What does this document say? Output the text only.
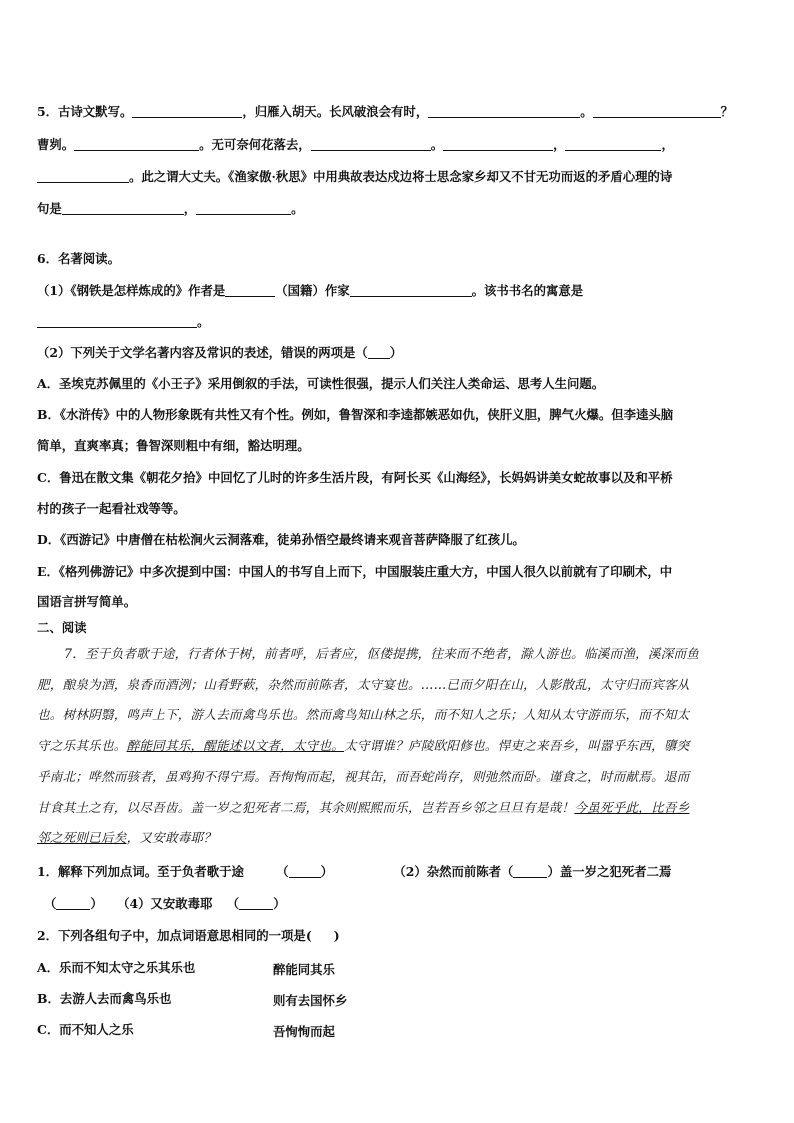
5．古诗文默写。	，归雁入胡天。长风破浪会有时，	。	？
曹刿。	。无可奈何花落去，	。	，	，
。此之谓大丈夫。《渔家傲·秋思》中用典故表达戍边将士思念家乡却又不甘无功而返的矛盾心理的诗
句是	，	。
6．名著阅读。
（1）《钢铁是怎样炼成的》作者是	（国籍）作家	。该书书名的寓意是
。
（2）下列关于文学名著内容及常识的表述，错误的两项是（ ）
A．圣埃克苏佩里的《小王子》采用倒叙的手法，可读性很强，提示人们关注人类命运、思考人生问题。
B．《水浒传》中的人物形象既有共性又有个性。例如，鲁智深和李逵都嫉恶如仇，侠肝义胆，脾气火爆。但李逵头脑
简单，直爽率真；鲁智深则粗中有细，豁达明理。
C．鲁迅在散文集《朝花夕拾》中回忆了儿时的许多生活片段，有阿长买《山海经》，长妈妈讲美女蛇故事以及和平桥
村的孩子一起看社戏等等。
D．《西游记》中唐僧在枯松涧火云洞落难，徒弟孙悟空最终请来观音菩萨降服了红孩儿。
E．《格列佛游记》中多次提到中国：中国人的书写自上而下，中国服装庄重大方，中国人很久以前就有了印刷术，中
国语言拼写简单。
二、阅读
7．至于负者歌于途，行者休于树，前者呼，后者应，伛偻提携，往来而不绝者，滁人游也。临溪而渔，溪深而鱼
肥，酿泉为酒，泉香而酒洌；山肴野蔌，杂然而前陈者，太守宴也。……已而夕阳在山，人影散乱，太守归而宾客从
也。树林阴翳，鸣声上下，游人去而禽鸟乐也。然而禽鸟知山林之乐，而不知人之乐；人知从太守游而乐，而不知太
守之乐其乐也。醉能同其乐，醒能述以文者，太守也。太守谓谁？庐陵欧阳修也。悍吏之来吾乡，叫嚣乎东西，隳突
乎南北；哗然而骇者，虽鸡狗不得宁焉。吾恂恂而起，视其缶，而吾蛇尚存，则弛然而卧。谨食之，时而献焉。退而
甘食其土之有，以尽吾齿。盖一岁之犯死者二焉，其余则熙熙而乐，岂若吾乡邻之旦旦有是哉！今虽死乎此，比吾乡
邻之死则已后矣，又安敢毒耶？
1．解释下列加点词。至于负者歌于途	（	）	（2）杂然而前陈者（	）盖一岁之犯死者二焉
（	） （4）又安敢毒耶 （	）
2．下列各组句子中，加点词语意思相同的一项是( )
A．乐而不知太守之乐其乐也	醉能同其乐
B．去游人去而禽鸟乐也	则有去国怀乡
C．而不知人之乐	吾恂恂而起
